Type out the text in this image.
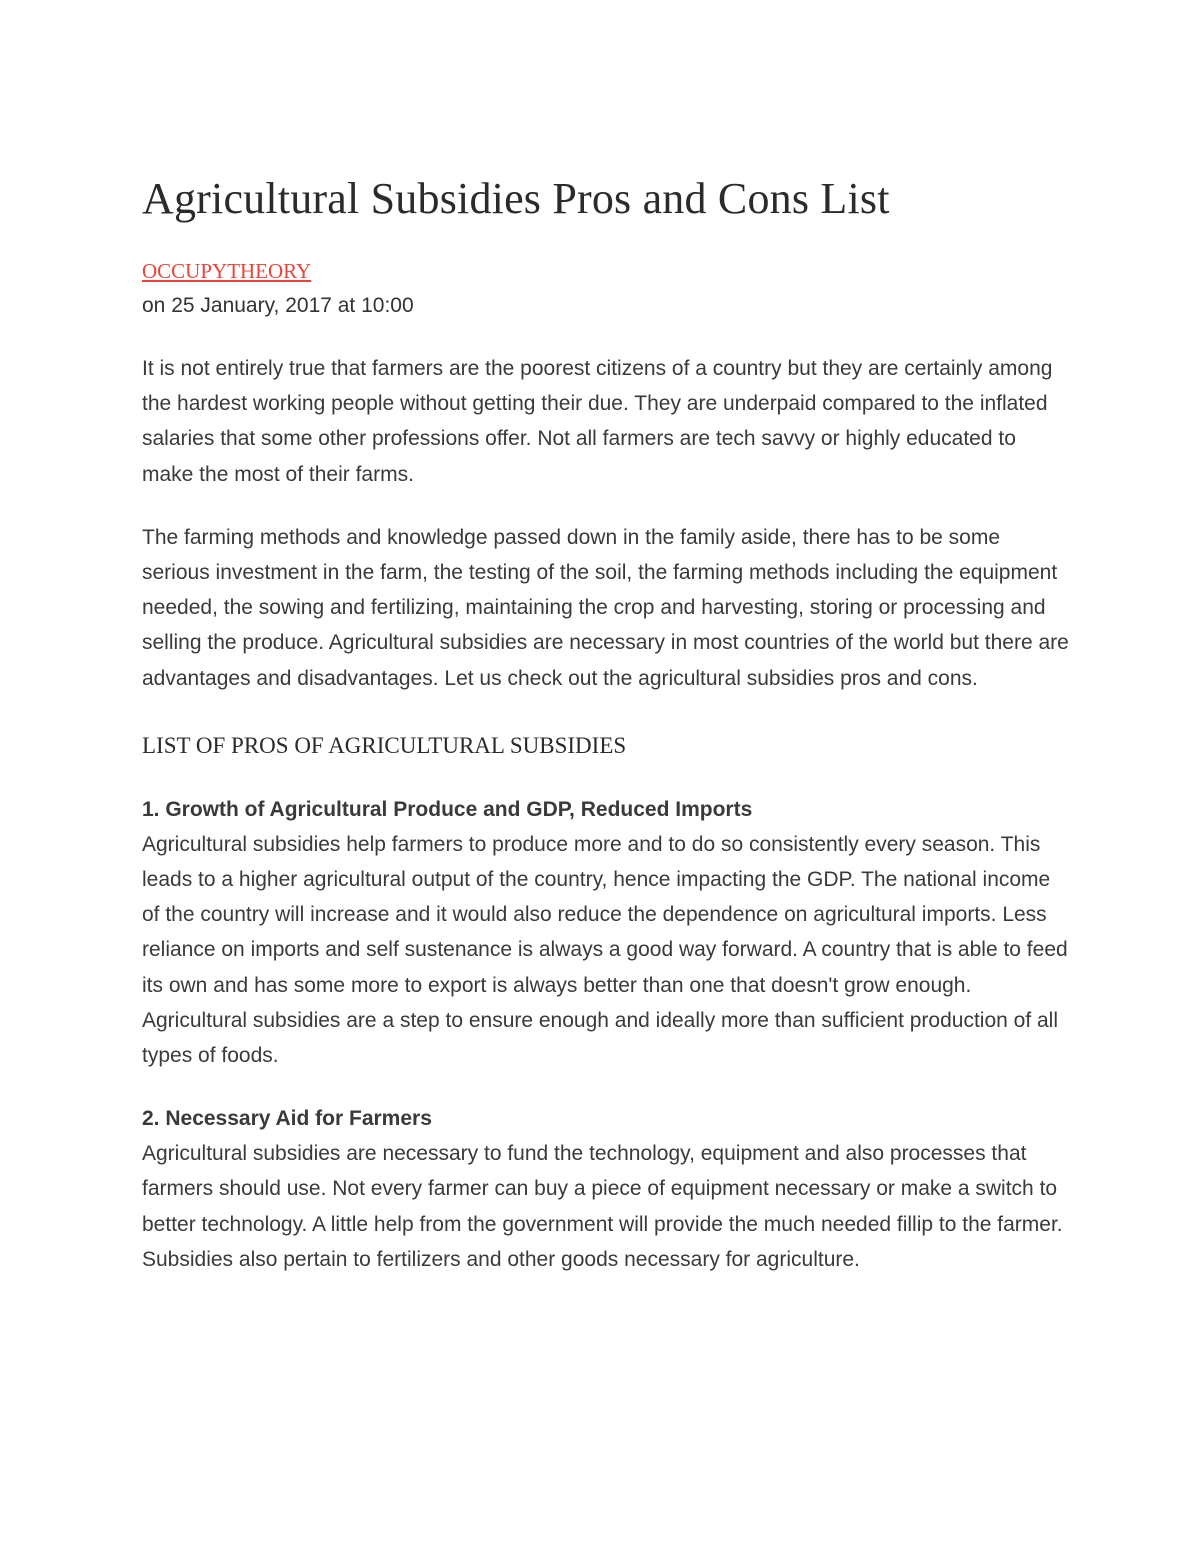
Agricultural Subsidies Pros and Cons List
OCCUPYTHEORY
on 25 January, 2017 at 10:00

It is not entirely true that farmers are the poorest citizens of a country but they are certainly among the hardest working people without getting their due. They are underpaid compared to the inflated salaries that some other professions offer. Not all farmers are tech savvy or highly educated to make the most of their farms.

The farming methods and knowledge passed down in the family aside, there has to be some serious investment in the farm, the testing of the soil, the farming methods including the equipment needed, the sowing and fertilizing, maintaining the crop and harvesting, storing or processing and selling the produce. Agricultural subsidies are necessary in most countries of the world but there are advantages and disadvantages. Let us check out the agricultural subsidies pros and cons.

LIST OF PROS OF AGRICULTURAL SUBSIDIES
1. Growth of Agricultural Produce and GDP, Reduced Imports

Agricultural subsidies help farmers to produce more and to do so consistently every season. This leads to a higher agricultural output of the country, hence impacting the GDP. The national income of the country will increase and it would also reduce the dependence on agricultural imports. Less reliance on imports and self sustenance is always a good way forward. A country that is able to feed its own and has some more to export is always better than one that doesn't grow enough. Agricultural subsidies are a step to ensure enough and ideally more than sufficient production of all types of foods.

2. Necessary Aid for Farmers

Agricultural subsidies are necessary to fund the technology, equipment and also processes that farmers should use. Not every farmer can buy a piece of equipment necessary or make a switch to better technology. A little help from the government will provide the much needed fillip to the farmer. Subsidies also pertain to fertilizers and other goods necessary for agriculture.
